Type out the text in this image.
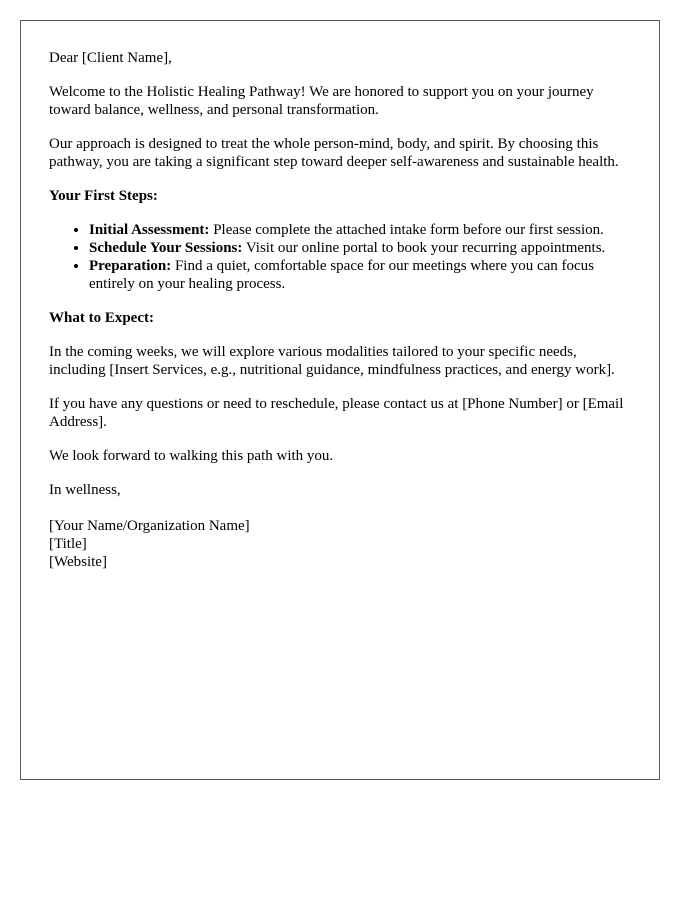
Dear [Client Name],

Welcome to the Holistic Healing Pathway! We are honored to support you on your journey toward balance, wellness, and personal transformation.

Our approach is designed to treat the whole person-mind, body, and spirit. By choosing this pathway, you are taking a significant step toward deeper self-awareness and sustainable health.

Your First Steps:
• Initial Assessment: Please complete the attached intake form before our first session.
• Schedule Your Sessions: Visit our online portal to book your recurring appointments.
• Preparation: Find a quiet, comfortable space for our meetings where you can focus entirely on your healing process.
What to Expect:

In the coming weeks, we will explore various modalities tailored to your specific needs, including [Insert Services, e.g., nutritional guidance, mindfulness practices, and energy work].

If you have any questions or need to reschedule, please contact us at [Phone Number] or [Email Address].

We look forward to walking this path with you.

In wellness,

[Your Name/Organization Name]
[Title]
[Website]
